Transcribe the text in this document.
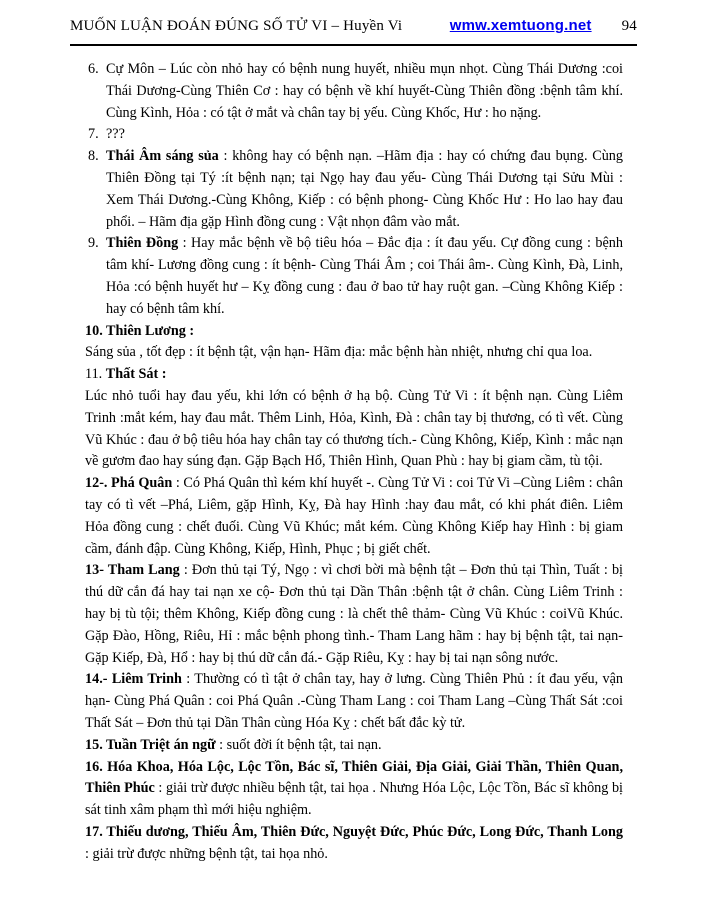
MUỐN LUẬN ĐOÁN ĐÚNG SỐ TỬ VI – Huyền Vi	wmw.xemtuong.net 94
6. Cự Môn – Lúc còn nhỏ hay có bệnh nung huyết, nhiều mụn nhọt. Cùng Thái Dương :coi Thái Dương-Cùng Thiên Cơ : hay có bệnh về khí huyết-Cùng Thiên đồng :bệnh tâm khí. Cùng Kình, Hỏa : có tật ở mắt và chân tay bị yếu. Cùng Khốc, Hư : ho nặng.
7. ???
8. Thái Âm sáng sủa : không hay có bệnh nạn. –Hãm địa : hay có chứng đau bụng. Cùng Thiên Đồng tại Tý :ít bệnh nạn; tại Ngọ hay đau yếu- Cùng Thái Dương tại Sửu Mùi : Xem Thái Dương.-Cùng Không, Kiếp : có bệnh phong- Cùng Khốc Hư : Ho lao hay đau phổi. – Hãm địa gặp Hình đồng cung : Vật nhọn đâm vào mắt.
9. Thiên Đồng : Hay mắc bệnh về bộ tiêu hóa – Đắc địa : ít đau yếu. Cự đồng cung : bệnh tâm khí- Lương đồng cung : ít bệnh- Cùng Thái Âm ; coi Thái âm-. Cùng Kình, Đà, Linh, Hỏa :có bệnh huyết hư – Kỵ đồng cung : đau ở bao tử hay ruột gan. –Cùng Không Kiếp : hay có bệnh tâm khí.

10. Thiên Lương :

Sáng sủa , tốt đẹp : ít bệnh tật, vận hạn- Hãm địa: mắc bệnh hàn nhiệt, nhưng chỉ qua loa.

11. Thất Sát :

Lúc nhỏ tuổi hay đau yếu, khi lớn có bệnh ở hạ bộ. Cùng Tử Vi : ít bệnh nạn. Cùng Liêm Trinh :mắt kém, hay đau mắt. Thêm Linh, Hỏa, Kình, Đà : chân tay bị thương, có tì vết. Cùng Vũ Khúc : đau ở bộ tiêu hóa hay chân tay có thương tích.- Cùng Không, Kiếp, Kình : mắc nạn về gươm đao hay súng đạn. Gặp Bạch Hổ, Thiên Hình, Quan Phù : hay bị giam cầm, tù tội.

12-. Phá Quân : Có Phá Quân thì kém khí huyết -. Cùng Tử Vi : coi Tử Vi –Cùng Liêm : chân tay có tì vết –Phá, Liêm, gặp Hình, Kỵ, Đà hay Hình :hay đau mắt, có khi phát điên. Liêm Hỏa đồng cung : chết đuối. Cùng Vũ Khúc; mắt kém. Cùng Không Kiếp hay Hình : bị giam cầm, đánh đập. Cùng Không, Kiếp, Hình, Phục ; bị giết chết.

13- Tham Lang : Đơn thủ tại Tý, Ngọ : vì chơi bời mà bệnh tật – Đơn thủ tại Thìn, Tuất : bị thú dữ cắn đá hay tai nạn xe cộ- Đơn thủ tại Dần Thân :bệnh tật ở chân. Cùng Liêm Trinh : hay bị tù tội; thêm Không, Kiếp đồng cung : là chết thê thảm- Cùng Vũ Khúc : coiVũ Khúc. Gặp Đào, Hồng, Riêu, Hỉ : mắc bệnh phong tình.- Tham Lang hãm : hay bị bệnh tật, tai nạn- Gặp Kiếp, Đà, Hổ : hay bị thú dữ cắn đá.- Gặp Riêu, Kỵ : hay bị tai nạn sông nước.

14.- Liêm Trinh : Thường có tì tật ở chân tay, hay ở lưng. Cùng Thiên Phủ : ít đau yếu, vận hạn- Cùng Phá Quân : coi Phá Quân .-Cùng Tham Lang : coi Tham Lang –Cùng Thất Sát :coi Thất Sát – Đơn thủ tại Dần Thân cùng Hóa Kỵ : chết bất đắc kỳ tử.

15. Tuần Triệt án ngữ : suốt đời ít bệnh tật, tai nạn.

16. Hóa Khoa, Hóa Lộc, Lộc Tồn, Bác sĩ, Thiên Giải, Địa Giải, Giải Thần, Thiên Quan, Thiên Phúc : giải trừ được nhiều bệnh tật, tai họa . Nhưng Hóa Lộc, Lộc Tồn, Bác sĩ không bị sát tinh xâm phạm thì mới hiệu nghiệm.

17. Thiếu dương, Thiếu Âm, Thiên Đức, Nguyệt Đức, Phúc Đức, Long Đức, Thanh Long : giải trừ được những bệnh tật, tai họa nhỏ.
